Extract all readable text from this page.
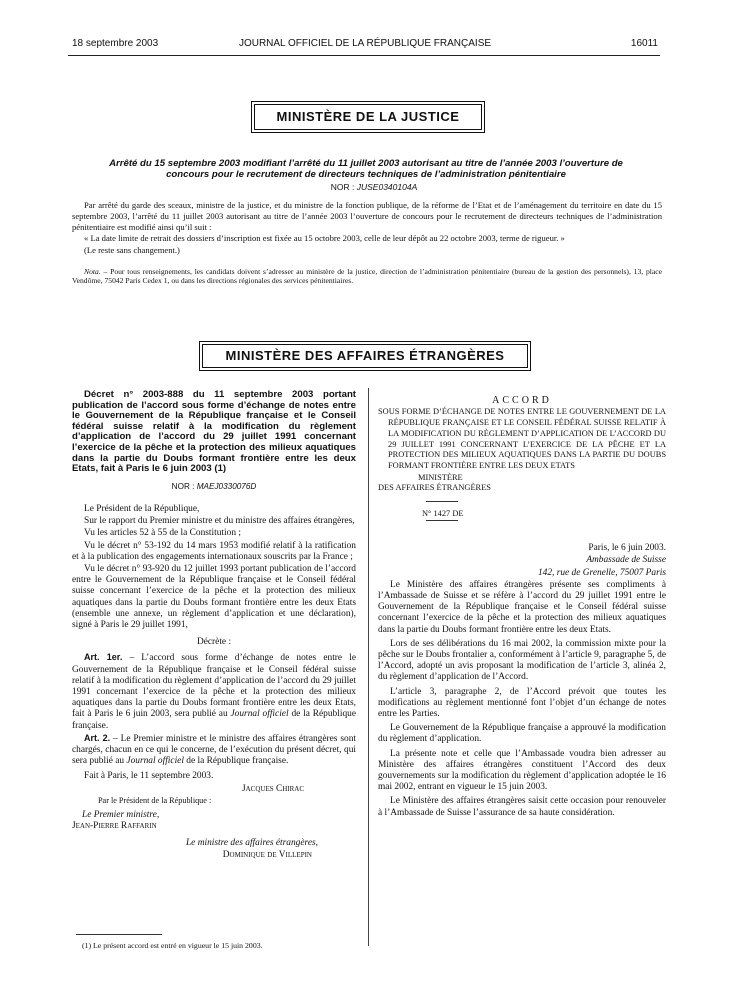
18 septembre 2003	JOURNAL OFFICIEL DE LA RÉPUBLIQUE FRANÇAISE	16011
MINISTÈRE DE LA JUSTICE
Arrêté du 15 septembre 2003 modifiant l’arrêté du 11 juillet 2003 autorisant au titre de l’année 2003 l’ouverture de concours pour le recrutement de directeurs techniques de l’administration pénitentiaire
NOR : JUSE0340104A

Par arrêté du garde des sceaux, ministre de la justice, et du ministre de la fonction publique, de la réforme de l’Etat et de l’aménagement du territoire en date du 15 septembre 2003, l’arrêté du 11 juillet 2003 autorisant au titre de l’année 2003 l’ouverture de concours pour le recrutement de directeurs techniques de l’administration pénitentiaire est modifié ainsi qu’il suit :

« La date limite de retrait des dossiers d’inscription est fixée au 15 octobre 2003, celle de leur dépôt au 22 octobre 2003, terme de rigueur. »

(Le reste sans changement.)

Nota. – Pour tous renseignements, les candidats doivent s’adresser au ministère de la justice, direction de l’administration pénitentiaire (bureau de la gestion des personnels), 13, place Vendôme, 75042 Paris Cedex 1, ou dans les directions régionales des services pénitentiaires.

MINISTÈRE DES AFFAIRES ÉTRANGÈRES

Décret n° 2003-888 du 11 septembre 2003 portant publication de l’accord sous forme d’échange de notes entre le Gouvernement de la République française et le Conseil fédéral suisse relatif à la modification du règlement d’application de l’accord du 29 juillet 1991 concernant l’exercice de la pêche et la protection des milieux aquatiques dans la partie du Doubs formant frontière entre les deux Etats, fait à Paris le 6 juin 2003 (1)

NOR : MAEJ0330076D

Le Président de la République,

Sur le rapport du Premier ministre et du ministre des affaires étrangères,

Vu les articles 52 à 55 de la Constitution ;

Vu le décret n° 53-192 du 14 mars 1953 modifié relatif à la ratification et à la publication des engagements internationaux souscrits par la France ;

Vu le décret n° 93-920 du 12 juillet 1993 portant publication de l’accord entre le Gouvernement de la République française et le Conseil fédéral suisse concernant l’exercice de la pêche et la protection des milieux aquatiques dans la partie du Doubs formant frontière entre les deux Etats (ensemble une annexe, un règlement d’application et une déclaration), signé à Paris le 29 juillet 1991,

Décrète :

Art. 1er. – L’accord sous forme d’échange de notes entre le Gouvernement de la République française et le Conseil fédéral suisse relatif à la modification du règlement d’application de l’accord du 29 juillet 1991 concernant l’exercice de la pêche et la protection des milieux aquatiques dans la partie du Doubs formant frontière entre les deux Etats, fait à Paris le 6 juin 2003, sera publié au Journal officiel de la République française.

Art. 2. – Le Premier ministre et le ministre des affaires étrangères sont chargés, chacun en ce qui le concerne, de l’exécution du présent décret, qui sera publié au Journal officiel de la République française.

Fait à Paris, le 11 septembre 2003.

Jacques Chirac
Par le Président de la République :
Le Premier ministre,
Jean-Pierre Raffarin
Le ministre des affaires étrangères,
Dominique de Villepin

ACCORD

SOUS FORME D’ÉCHANGE DE NOTES ENTRE LE GOUVERNEMENT DE LA RÉPUBLIQUE FRANÇAISE ET LE CONSEIL FÉDÉRAL SUISSE RELATIF À LA MODIFICATION DU RÈGLEMENT D’APPLICATION DE L’ACCORD DU 29 JUILLET 1991 CONCERNANT L’EXERCICE DE LA PÊCHE ET LA PROTECTION DES MILIEUX AQUATIQUES DANS LA PARTIE DU DOUBS FORMANT FRONTIÈRE ENTRE LES DEUX ETATS

MINISTÈRE
DES AFFAIRES ÉTRANGÈRES

N° 1427 DE

Paris, le 6 juin 2003.

Ambassade de Suisse

142, rue de Grenelle, 75007 Paris

Le Ministère des affaires étrangères présente ses compliments à l’Ambassade de Suisse et se réfère à l’accord du 29 juillet 1991 entre le Gouvernement de la République française et le Conseil fédéral suisse concernant l’exercice de la pêche et la protection des milieux aquatiques dans la partie du Doubs formant frontière entre les deux Etats.

Lors de ses délibérations du 16 mai 2002, la commission mixte pour la pêche sur le Doubs frontalier a, conformément à l’article 9, paragraphe 5, de l’Accord, adopté un avis proposant la modification de l’article 3, alinéa 2, du règlement d’application de l’Accord.

L’article 3, paragraphe 2, de l’Accord prévoit que toutes les modifications au règlement mentionné font l’objet d’un échange de notes entre les Parties.

Le Gouvernement de la République française a approuvé la modification du règlement d’application.

La présente note et celle que l’Ambassade voudra bien adresser au Ministère des affaires étrangères constituent l’Accord des deux gouvernements sur la modification du règlement d’application adoptée le 16 mai 2002, entrant en vigueur le 15 juin 2003.

Le Ministère des affaires étrangères saisit cette occasion pour renouveler à l’Ambassade de Suisse l’assurance de sa haute considération.

(1) Le présent accord est entré en vigueur le 15 juin 2003.
